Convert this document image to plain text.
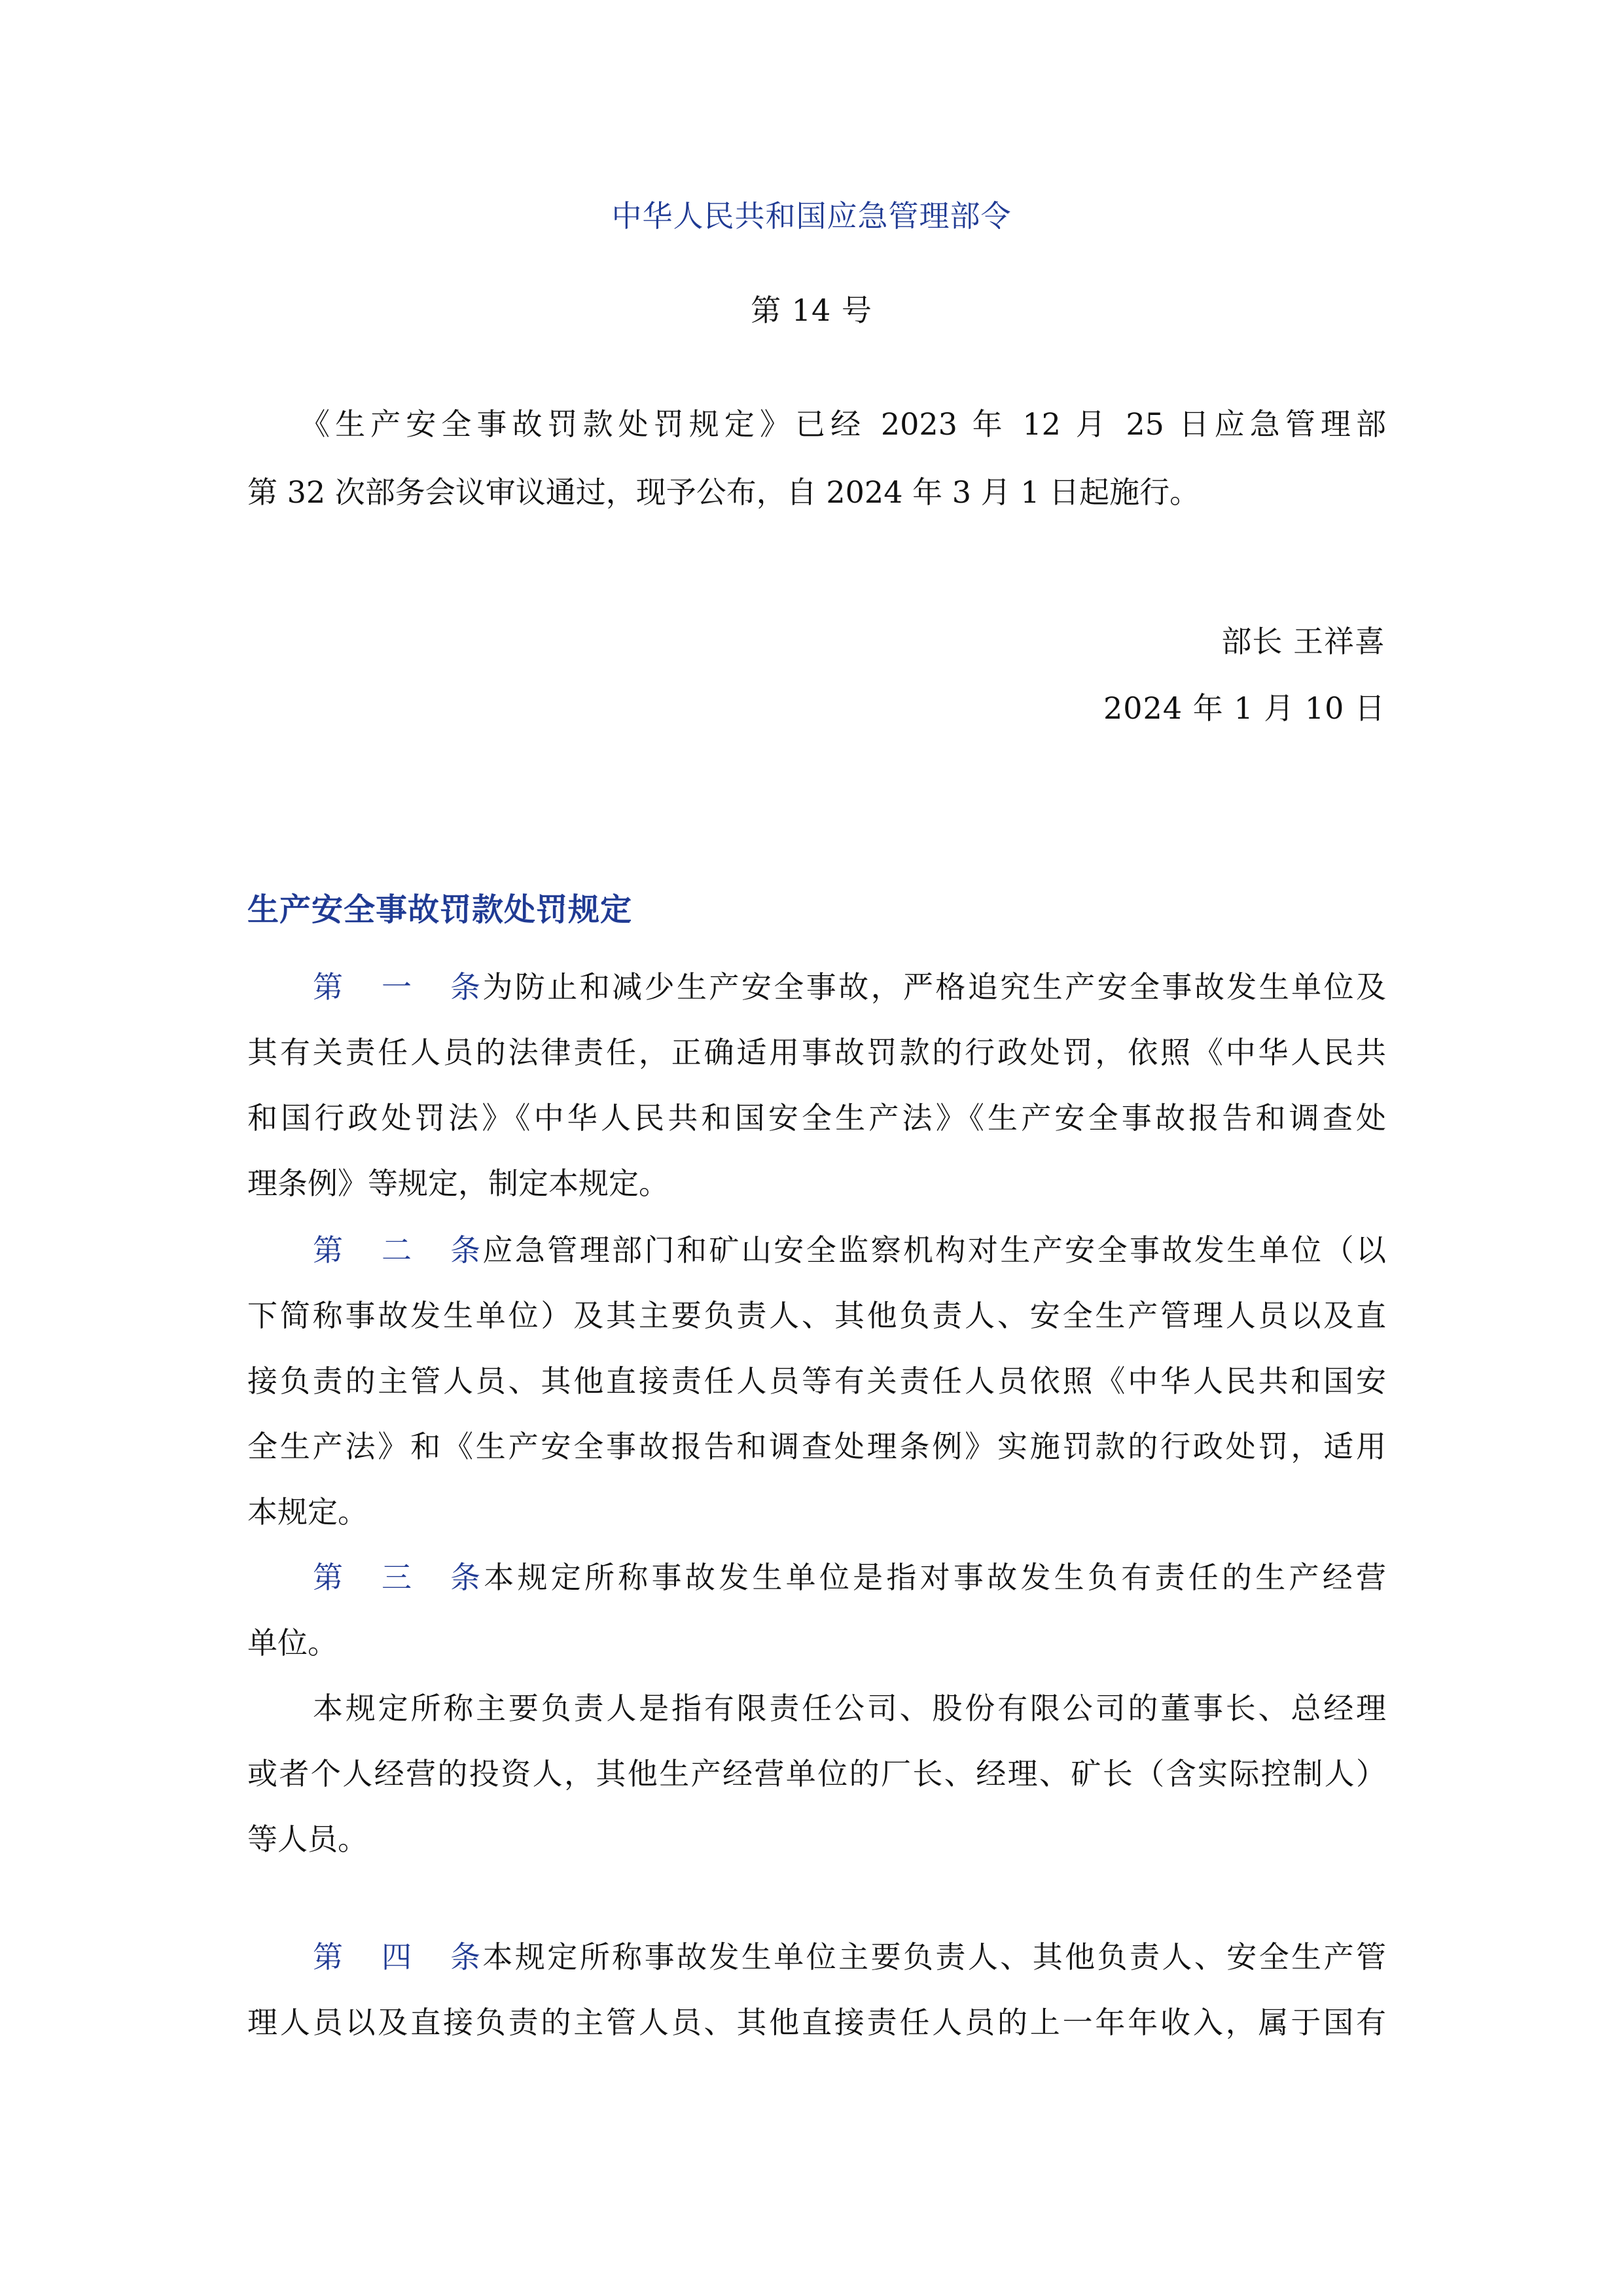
中华人民共和国应急管理部令
第 14 号
《生产安全事故罚款处罚规定》已经 2023 年 12 月 25 日应急管理部
第 32 次部务会议审议通过，现予公布，自 2024 年 3 月 1 日起施行。
部长 王祥喜
2024 年 1 月 10 日
生产安全事故罚款处罚规定
第一条为防止和减少生产安全事故，严格追究生产安全事故发生单位及
其有关责任人员的法律责任，正确适用事故罚款的行政处罚，依照《中华人民共
和国行政处罚法》《中华人民共和国安全生产法》《生产安全事故报告和调查处
理条例》等规定，制定本规定。
第二条应急管理部门和矿山安全监察机构对生产安全事故发生单位（以
下简称事故发生单位）及其主要负责人、其他负责人、安全生产管理人员以及直
接负责的主管人员、其他直接责任人员等有关责任人员依照《中华人民共和国安
全生产法》和《生产安全事故报告和调查处理条例》实施罚款的行政处罚，适用
本规定。
第三条本规定所称事故发生单位是指对事故发生负有责任的生产经营
单位。
本规定所称主要负责人是指有限责任公司、股份有限公司的董事长、总经理
或者个人经营的投资人，其他生产经营单位的厂长、经理、矿长（含实际控制人）
等人员。
第四条本规定所称事故发生单位主要负责人、其他负责人、安全生产管
理人员以及直接负责的主管人员、其他直接责任人员的上一年年收入，属于国有
